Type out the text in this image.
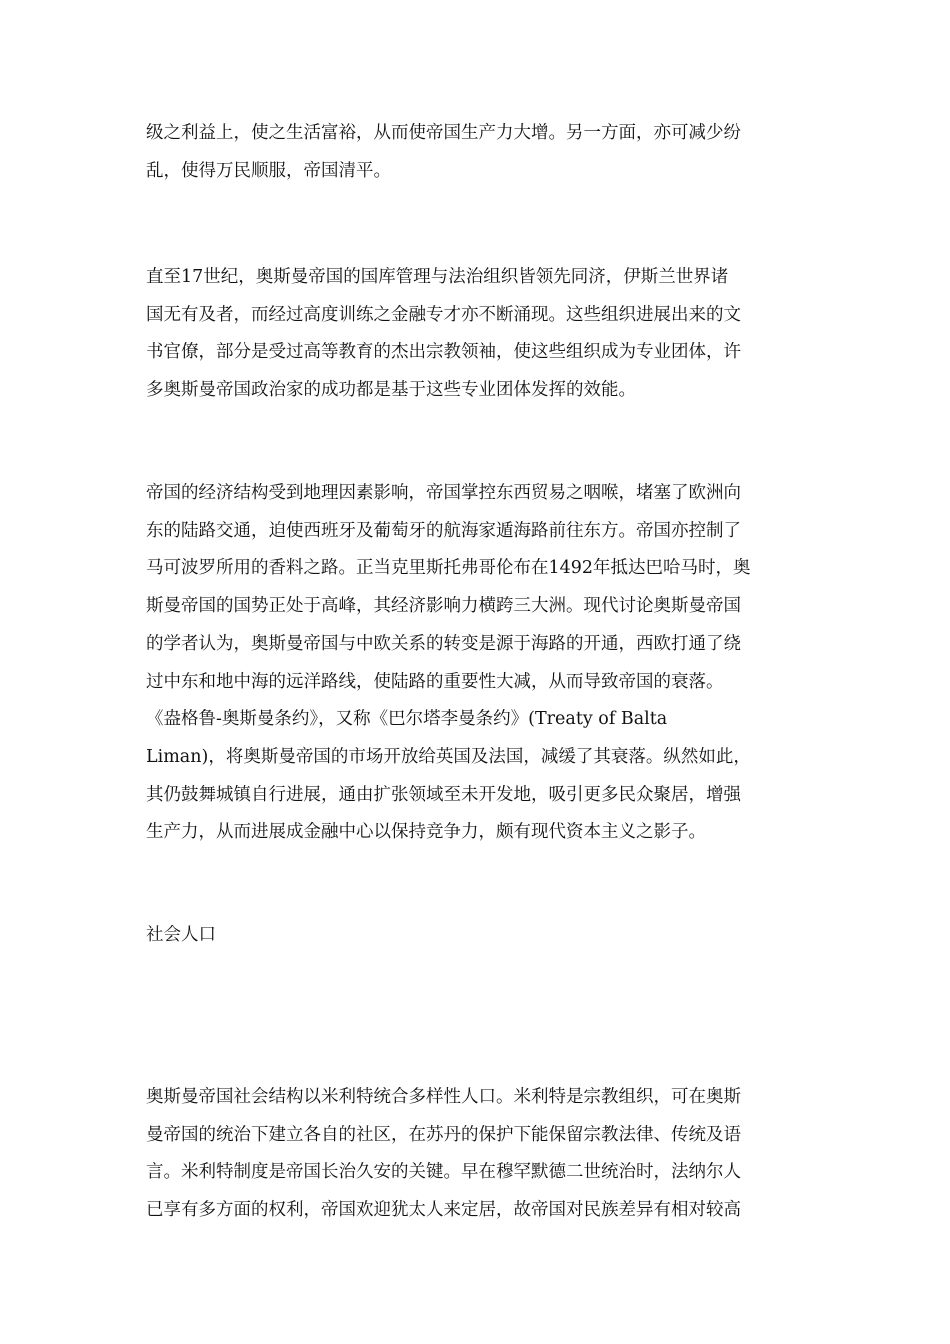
级之利益上，使之生活富裕，从而使帝国生产力大增。另一方面，亦可减少纷
乱，使得万民顺服，帝国清平。
直至17世纪，奥斯曼帝国的国库管理与法治组织皆领先同济，伊斯兰世界诸
国无有及者，而经过高度训练之金融专才亦不断涌现。这些组织进展出来的文
书官僚，部分是受过高等教育的杰出宗教领袖，使这些组织成为专业团体，许
多奥斯曼帝国政治家的成功都是基于这些专业团体发挥的效能。
帝国的经济结构受到地理因素影响，帝国掌控东西贸易之咽喉，堵塞了欧洲向
东的陆路交通，迫使西班牙及葡萄牙的航海家遁海路前往东方。帝国亦控制了
马可波罗所用的香料之路。正当克里斯托弗哥伦布在1492年抵达巴哈马时，奥
斯曼帝国的国势正处于高峰，其经济影响力横跨三大洲。现代讨论奥斯曼帝国
的学者认为，奥斯曼帝国与中欧关系的转变是源于海路的开通，西欧打通了绕
过中东和地中海的远洋路线，使陆路的重要性大减，从而导致帝国的衰落。
《盎格鲁-奥斯曼条约》，又称《巴尔塔李曼条约》(Treaty of Balta
Liman)，将奥斯曼帝国的市场开放给英国及法国，减缓了其衰落。纵然如此，
其仍鼓舞城镇自行进展，通由扩张领域至未开发地，吸引更多民众聚居，增强
生产力，从而进展成金融中心以保持竞争力，颇有现代资本主义之影子。
社会人口
奥斯曼帝国社会结构以米利特统合多样性人口。米利特是宗教组织，可在奥斯
曼帝国的统治下建立各自的社区，在苏丹的保护下能保留宗教法律、传统及语
言。米利特制度是帝国长治久安的关键。早在穆罕默德二世统治时，法纳尔人
已享有多方面的权利，帝国欢迎犹太人来定居，故帝国对民族差异有相对较高
